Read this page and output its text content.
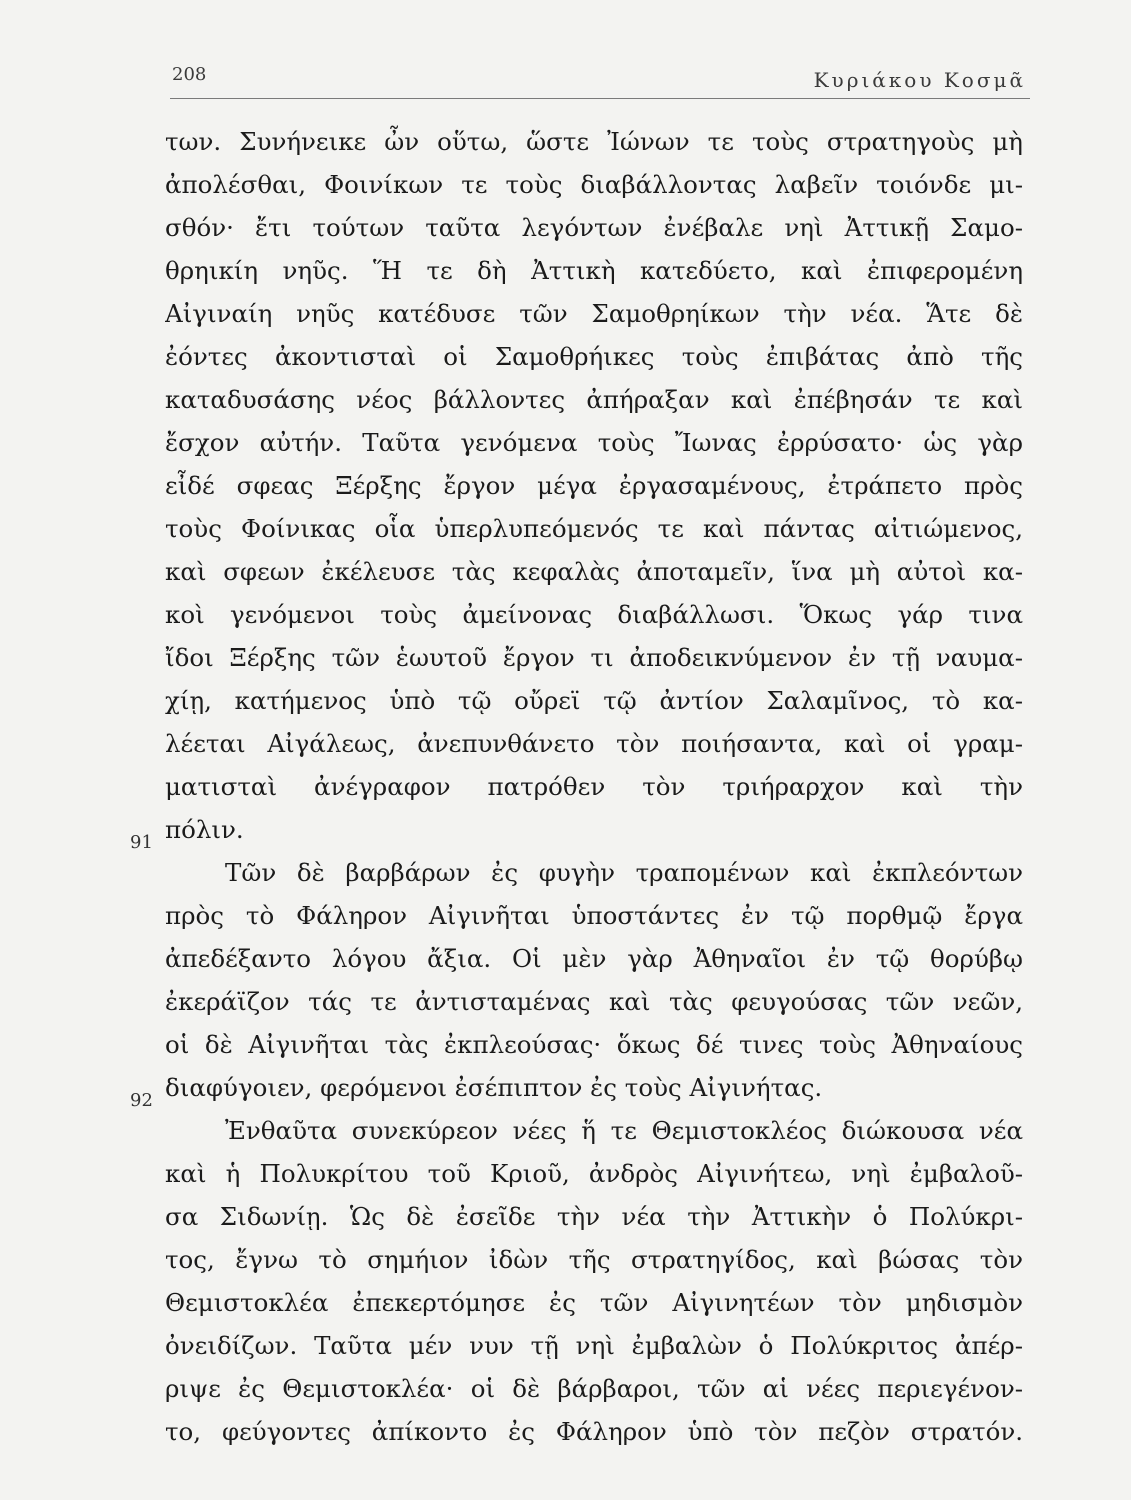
208	Κυριάκου Κοσμᾶ
των. Συνήνεικε ὦν οὕτω, ὥστε Ἰώνων τε τοὺς στρατηγοὺς μὴ
ἀπολέσθαι, Φοινίκων τε τοὺς διαβάλλοντας λαβεῖν τοιόνδε μι-
σθόν· ἔτι τούτων ταῦτα λεγόντων ἐνέβαλε νηὶ Ἀττικῇ Σαμο-
θρηικίη νηῦς. Ἥ τε δὴ Ἀττικὴ κατεδύετο, καὶ ἐπιφερομένη
Αἰγιναίη νηῦς κατέδυσε τῶν Σαμοθρηίκων τὴν νέα. Ἅτε δὲ
ἐόντες ἀκοντισταὶ οἱ Σαμοθρήικες τοὺς ἐπιβάτας ἀπὸ τῆς
καταδυσάσης νέος βάλλοντες ἀπήραξαν καὶ ἐπέβησάν τε καὶ
ἔσχον αὐτήν. Ταῦτα γενόμενα τοὺς Ἴωνας ἐρρύσατο· ὡς γὰρ
εἶδέ σφεας Ξέρξης ἔργον μέγα ἐργασαμένους, ἐτράπετο πρὸς
τοὺς Φοίνικας οἷα ὑπερλυπεόμενός τε καὶ πάντας αἰτιώμενος,
καὶ σφεων ἐκέλευσε τὰς κεφαλὰς ἀποταμεῖν, ἵνα μὴ αὐτοὶ κα-
κοὶ γενόμενοι τοὺς ἀμείνονας διαβάλλωσι. Ὅκως γάρ τινα
ἴδοι Ξέρξης τῶν ἑωυτοῦ ἔργον τι ἀποδεικνύμενον ἐν τῇ ναυμα-
χίῃ, κατήμενος ὑπὸ τῷ οὔρεϊ τῷ ἀντίον Σαλαμῖνος, τὸ κα-
λέεται Αἰγάλεως, ἀνεπυνθάνετο τὸν ποιήσαντα, καὶ οἱ γραμ-
ματισταὶ ἀνέγραφον πατρόθεν τὸν τριήραρχον καὶ τὴν
πόλιν.
Τῶν δὲ βαρβάρων ἐς φυγὴν τραπομένων καὶ ἐκπλεόντων
πρὸς τὸ Φάληρον Αἰγινῆται ὑποστάντες ἐν τῷ πορθμῷ ἔργα
ἀπεδέξαντο λόγου ἄξια. Οἱ μὲν γὰρ Ἀθηναῖοι ἐν τῷ θορύβῳ
ἐκεράϊζον τάς τε ἀντισταμένας καὶ τὰς φευγούσας τῶν νεῶν,
οἱ δὲ Αἰγινῆται τὰς ἐκπλεούσας· ὅκως δέ τινες τοὺς Ἀθηναίους
διαφύγοιεν, φερόμενοι ἐσέπιπτον ἐς τοὺς Αἰγινήτας.
Ἐνθαῦτα συνεκύρεον νέες ἥ τε Θεμιστοκλέος διώκουσα νέα
καὶ ἡ Πολυκρίτου τοῦ Κριοῦ, ἀνδρὸς Αἰγινήτεω, νηὶ ἐμβαλοῦ-
σα Σιδωνίῃ. Ὡς δὲ ἐσεῖδε τὴν νέα τὴν Ἀττικὴν ὁ Πολύκρι-
τος, ἔγνω τὸ σημήιον ἰδὼν τῆς στρατηγίδος, καὶ βώσας τὸν
Θεμιστοκλέα ἐπεκερτόμησε ἐς τῶν Αἰγινητέων τὸν μηδισμὸν
ὀνειδίζων. Ταῦτα μέν νυν τῇ νηὶ ἐμβαλὼν ὁ Πολύκριτος ἀπέρ-
ριψε ἐς Θεμιστοκλέα· οἱ δὲ βάρβαροι, τῶν αἱ νέες περιεγένον-
το, φεύγοντες ἀπίκοντο ἐς Φάληρον ὑπὸ τὸν πεζὸν στρατόν.
91
92
